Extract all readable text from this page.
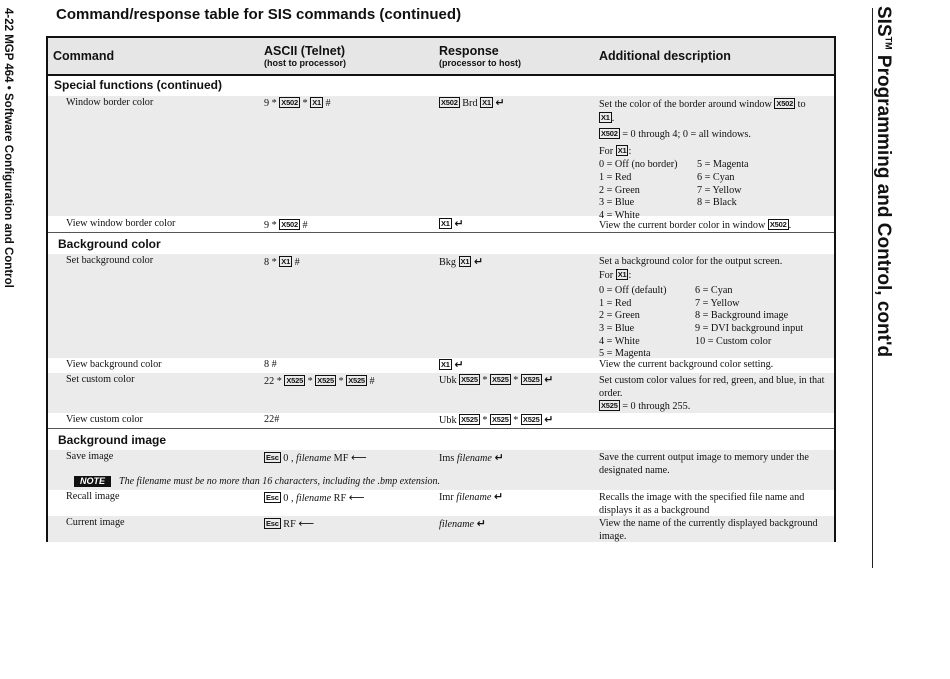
4-22 MGP 464 • Software Configuration and Control	Command/response table for SIS commands (continued)	SIS™ Programming and Control, cont'd
Command	ASCII (Telnet)
(host to processor)
Response
(processor to host)	Additional description
Special functions (continued)
Window border color	9 * X502 * X1 #	X502 Brd X1 ↵	Set the color of the border around window X502 to
X1 .
X502 = 0 through 4; 0 = all windows.
For X1 :
0 = Off (no border)	5 = Magenta
1 = Red	6 = Cyan
2 = Green	7 = Yellow
3 = Blue	8 = Black
4 = White
View window border color	9 * X502 #	X1 ↵	View the current border color in window X502 .
Background color
Set background color	8 * X1 #	Bkg X1 ↵	Set a background color for the output screen.
For X1 :
0 = Off (default)	6 = Cyan
1 = Red	7 = Yellow
2 = Green	8 = Background image
3 = Blue	9 = DVI background input
4 = White	10 = Custom color
5 = Magenta
View background color	8 #	X1 ↵	View the current background color setting.
Set custom color	22 * X525 * X525 * X525 #	Ubk X525 * X525 * X525 ↵	Set custom color values for red, green, and blue, in that order.
X525 = 0 through 255.
View custom color	22#	Ubk X525 * X525 * X525 ↵
Background image
Save image	Esc 0 , filename MF ⟵	Ims filename ↵	Save the current output image to memory under the designated name.
NOTE The filename must be no more than 16 characters, including the .bmp extension.
Recall image	Esc 0 , filename RF ⟵	Imr filename ↵	Recalls the image with the specified file name and displays it as a background
Current image	Esc RF ⟵	filename ↵	View the name of the currently displayed background image.
